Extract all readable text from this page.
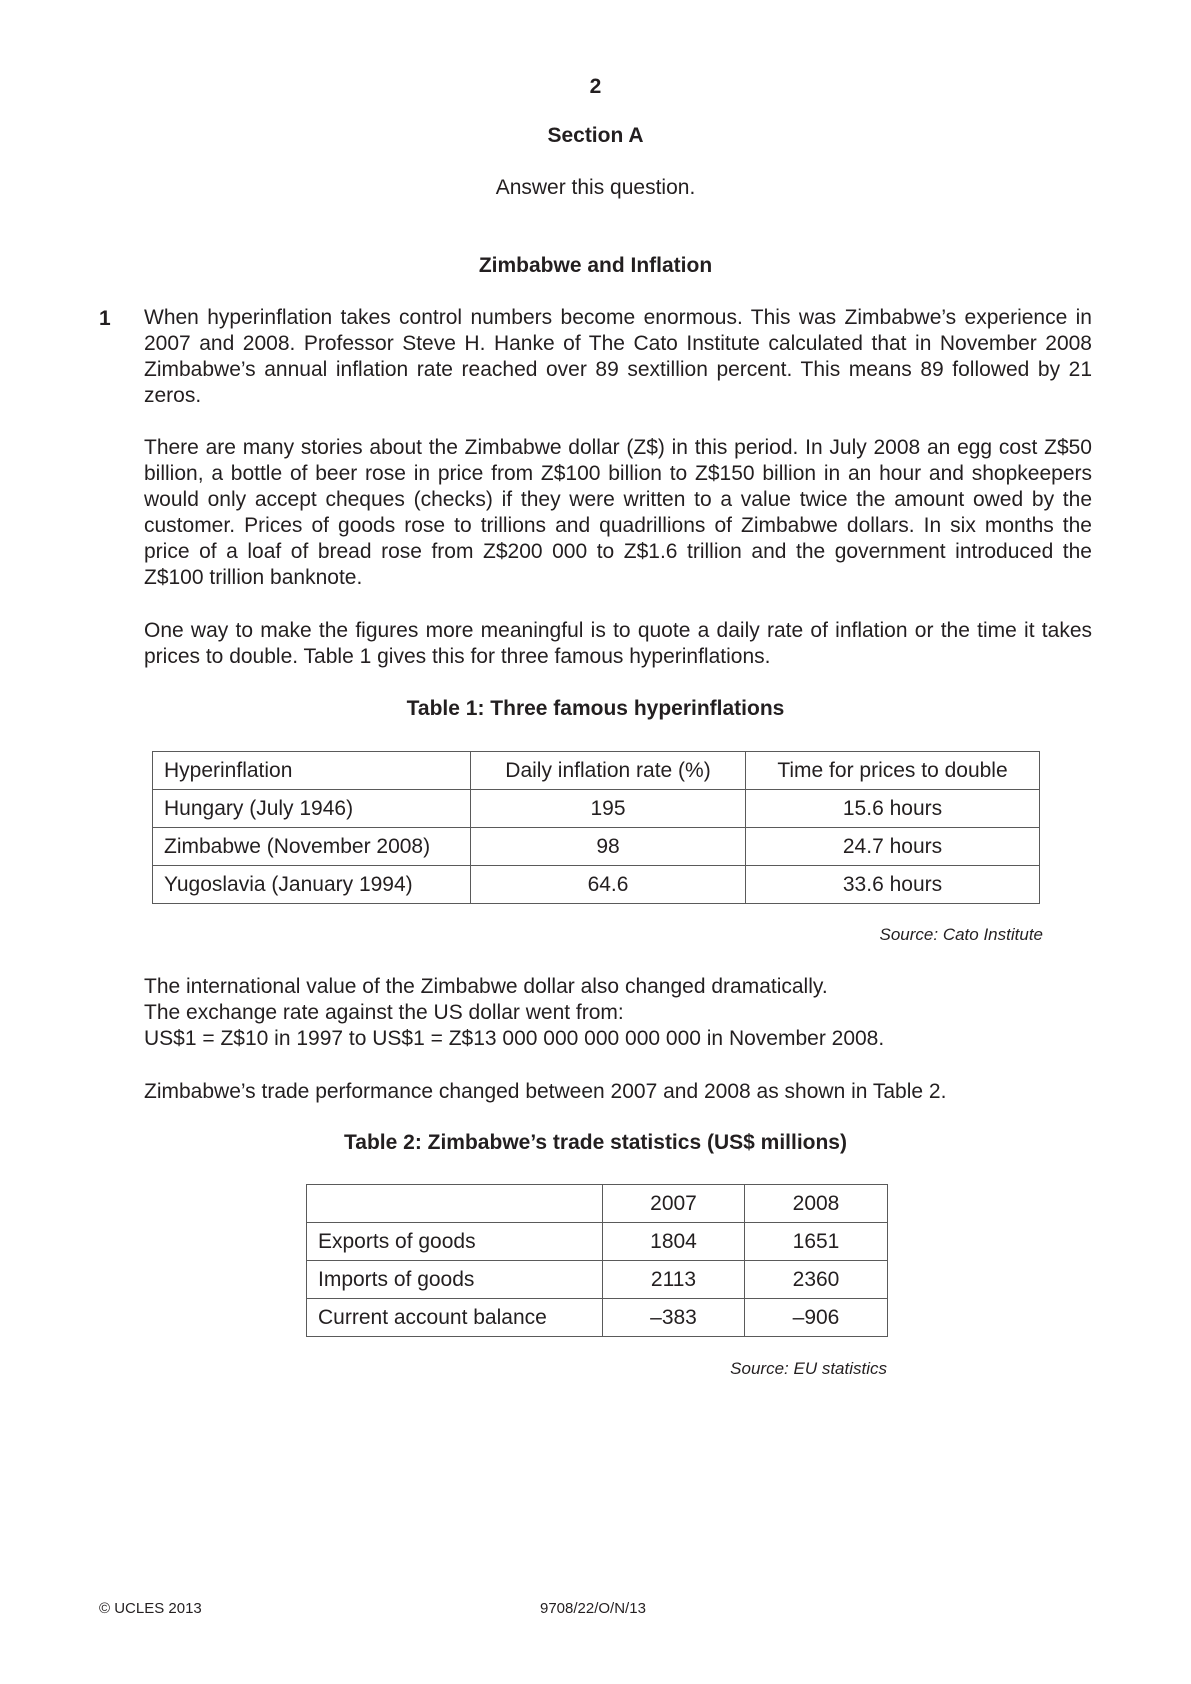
2
Section A
Answer this question.
Zimbabwe and Inflation
1 When hyperinflation takes control numbers become enormous. This was Zimbabwe’s experience in 2007 and 2008. Professor Steve H. Hanke of The Cato Institute calculated that in November 2008 Zimbabwe’s annual inflation rate reached over 89 sextillion percent. This means 89 followed by 21 zeros.
There are many stories about the Zimbabwe dollar (Z$) in this period. In July 2008 an egg cost Z$50 billion, a bottle of beer rose in price from Z$100 billion to Z$150 billion in an hour and shopkeepers would only accept cheques (checks) if they were written to a value twice the amount owed by the customer. Prices of goods rose to trillions and quadrillions of Zimbabwe dollars. In six months the price of a loaf of bread rose from Z$200 000 to Z$1.6 trillion and the government introduced the Z$100 trillion banknote.
One way to make the figures more meaningful is to quote a daily rate of inflation or the time it takes prices to double. Table 1 gives this for three famous hyperinflations.
Table 1: Three famous hyperinflations
Hyperinflation	Daily inflation rate (%)	Time for prices to double
Hungary (July 1946)	195	15.6 hours
Zimbabwe (November 2008)	98	24.7 hours
Yugoslavia (January 1994)	64.6	33.6 hours
Source: Cato Institute
The international value of the Zimbabwe dollar also changed dramatically.
The exchange rate against the US dollar went from:
US$1 = Z$10 in 1997 to US$1 = Z$13 000 000 000 000 000 in November 2008.
Zimbabwe’s trade performance changed between 2007 and 2008 as shown in Table 2.
Table 2: Zimbabwe’s trade statistics (US$ millions)
	2007	2008
Exports of goods	1804	1651
Imports of goods	2113	2360
Current account balance	–383	–906
Source: EU statistics
© UCLES 2013	9708/22/O/N/13
